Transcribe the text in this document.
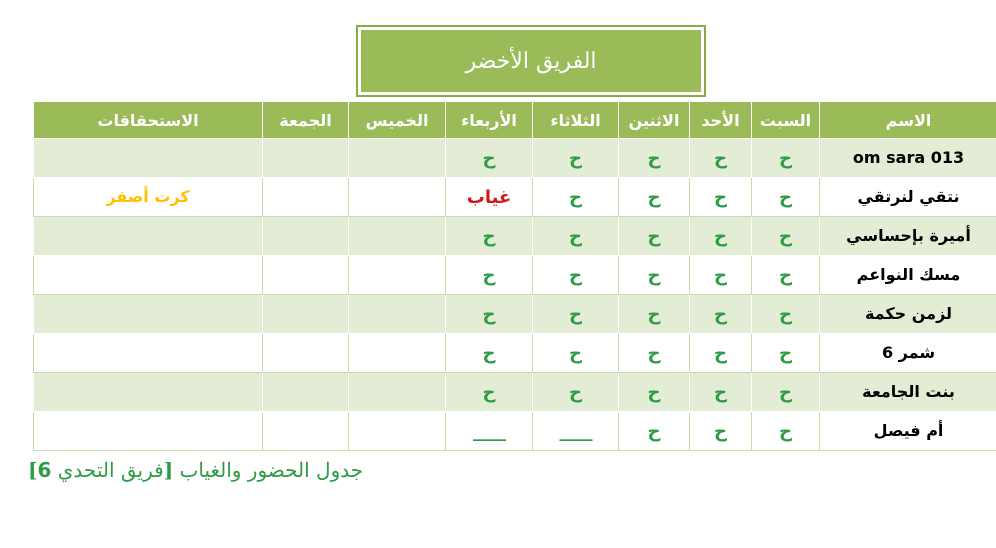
الفريق الأخضر
الاستحقاقات	الجمعة	الخميس	الأربعاء	الثلاثاء	الاثنين	الأحد	السبت	الاسم
			ح	ح	ح	ح	ح	om sara 013
كرت أصفر			غياب	ح	ح	ح	ح	نتقي لنرتقي
			ح	ح	ح	ح	ح	أميرة بإحساسي
			ح	ح	ح	ح	ح	مسك النواعم
			ح	ح	ح	ح	ح	لزمن حكمة
			ح	ح	ح	ح	ح	شمر 6
			ح	ح	ح	ح	ح	بنت الجامعة
			____	____	ح	ح	ح	أم فيصل
جدول الحضور والغياب [فريق التحدي 6]
